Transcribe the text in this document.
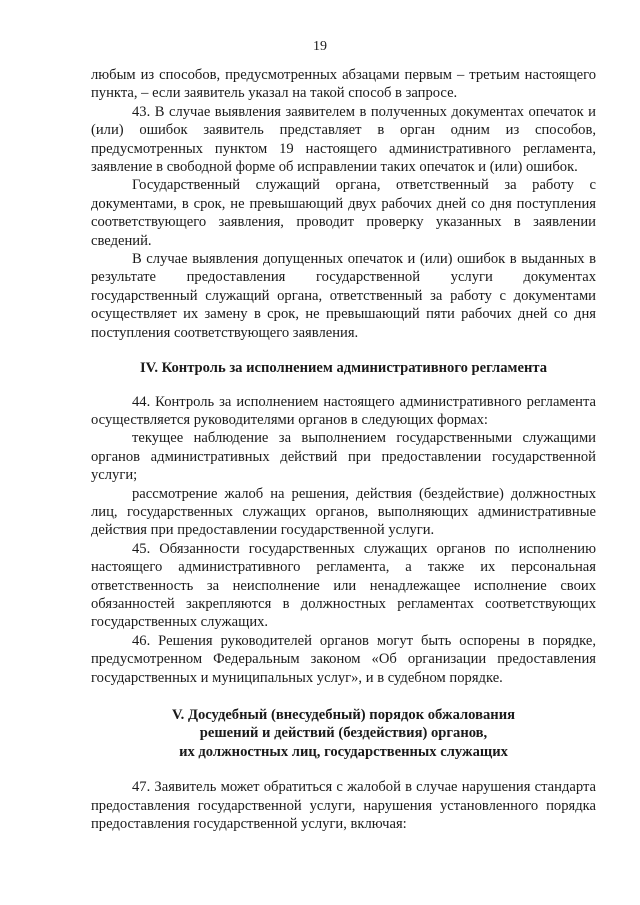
19

любым из способов, предусмотренных абзацами первым – третьим настоящего пункта, – если заявитель указал на такой способ в запросе.

43. В случае выявления заявителем в полученных документах опечаток и (или) ошибок заявитель представляет в орган одним из способов, предусмотренных пунктом 19 настоящего административного регламента, заявление в свободной форме об исправлении таких опечаток и (или) ошибок.

Государственный служащий органа, ответственный за работу с документами, в срок, не превышающий двух рабочих дней со дня поступления соответствующего заявления, проводит проверку указанных в заявлении сведений.

В случае выявления допущенных опечаток и (или) ошибок в выданных в результате предоставления государственной услуги документах государственный служащий органа, ответственный за работу с документами осуществляет их замену в срок, не превышающий пяти рабочих дней со дня поступления соответствующего заявления.

IV. Контроль за исполнением административного регламента

44. Контроль за исполнением настоящего административного регламента осуществляется руководителями органов в следующих формах:

текущее наблюдение за выполнением государственными служащими органов административных действий при предоставлении государственной услуги;

рассмотрение жалоб на решения, действия (бездействие) должностных лиц, государственных служащих органов, выполняющих административные действия при предоставлении государственной услуги.

45. Обязанности государственных служащих органов по исполнению настоящего административного регламента, а также их персональная ответственность за неисполнение или ненадлежащее исполнение своих обязанностей закрепляются в должностных регламентах соответствующих государственных служащих.

46. Решения руководителей органов могут быть оспорены в порядке, предусмотренном Федеральным законом «Об организации предоставления государственных и муниципальных услуг», и в судебном порядке.

V. Досудебный (внесудебный) порядок обжалования
решений и действий (бездействия) органов,
их должностных лиц, государственных служащих

47. Заявитель может обратиться с жалобой в случае нарушения стандарта предоставления государственной услуги, нарушения установленного порядка предоставления государственной услуги, включая:
